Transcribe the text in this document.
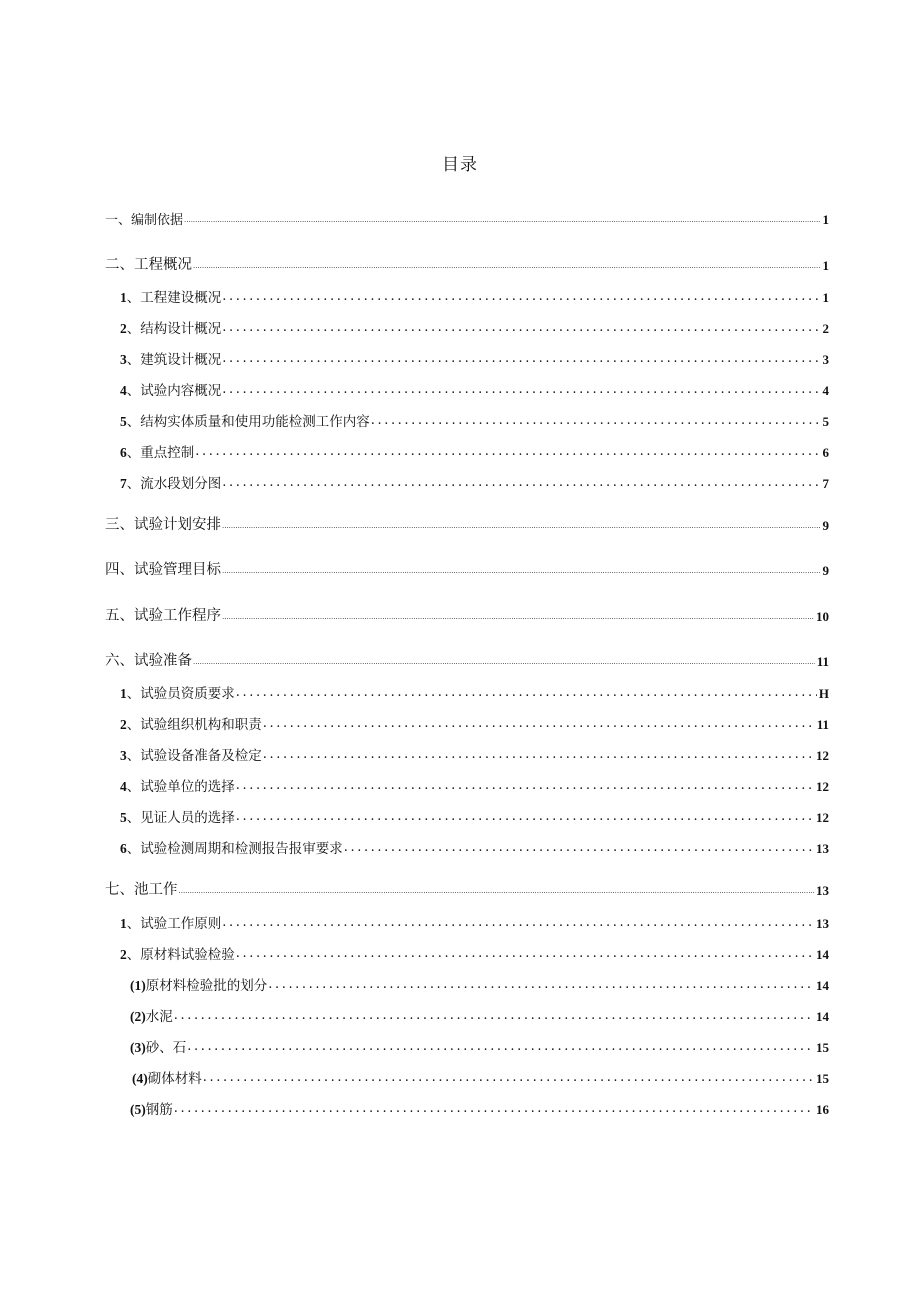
目录
一、编制依据 .....	1
二、工程概况 .....	1
1、工程建设概况 .....	1
2、结构设计概况 .....	2
3、建筑设计概况 .....	3
4、试验内容概况 .....	4
5、结构实体质量和使用功能检测工作内容 .....	5
6、重点控制 .....	6
7、流水段划分图 .....	7
三、试验计划安排 .....	9
四、试验管理目标 .....	9
五、试验工作程序 .....	10
六、试验准备 .....	11
1、试验员资质要求 .....	H
2、试验组织机构和职责 .....	11
3、试验设备准备及检定 .....	12
4、试验单位的选择 .....	12
5、见证人员的选择 .....	12
6、试验检测周期和检测报告报审要求 .....	13
七、池工作 .....	13
1、试验工作原则 .....	13
2、原材料试验检验 .....	14
(1)原材料检验批的划分 .....	14
(2)水泥 .....	14
(3)砂、石 .....	15
(4)砌体材料 .....	15
(5)钢筋 .....	16
